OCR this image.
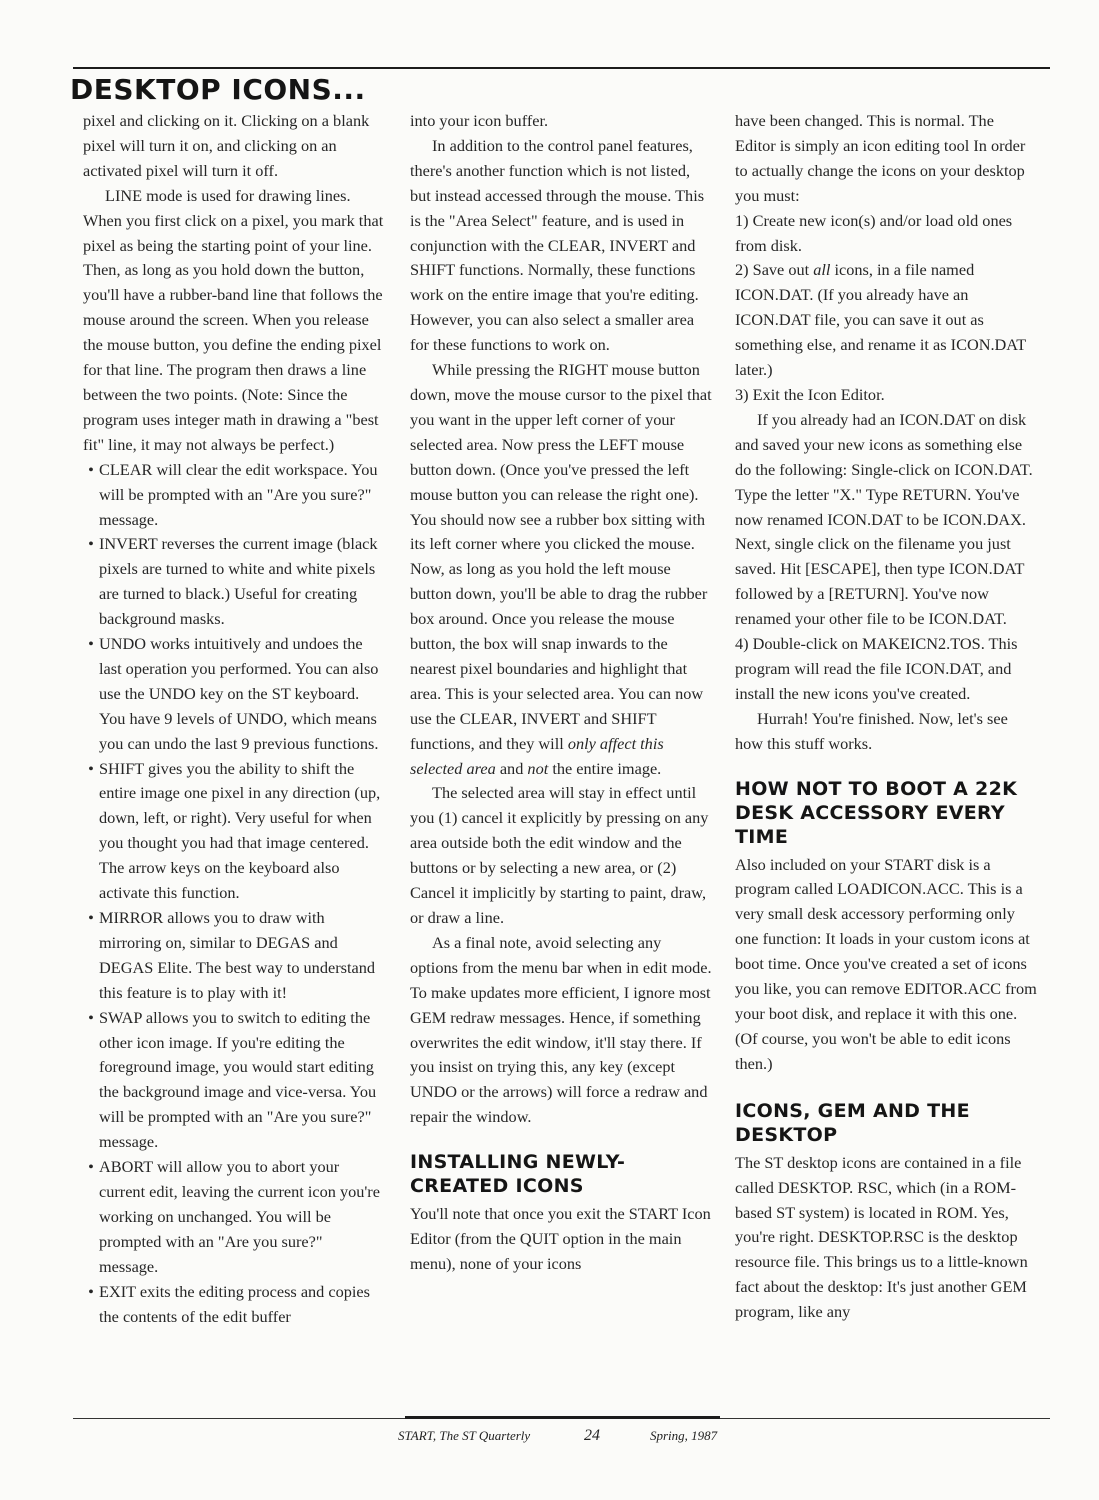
DESKTOP ICONS...

pixel and clicking on it. Clicking on a blank pixel will turn it on, and clicking on an activated pixel will turn it off.

LINE mode is used for drawing lines. When you first click on a pixel, you mark that pixel as being the starting point of your line. Then, as long as you hold down the button, you'll have a rubber-band line that follows the mouse around the screen. When you release the mouse button, you define the ending pixel for that line. The program then draws a line between the two points. (Note: Since the program uses integer math in drawing a "best fit" line, it may not always be perfect.)

• CLEAR will clear the edit workspace. You will be prompted with an "Are you sure?" message.

• INVERT reverses the current image (black pixels are turned to white and white pixels are turned to black.) Useful for creating background masks.

• UNDO works intuitively and undoes the last operation you performed. You can also use the UNDO key on the ST keyboard. You have 9 levels of UNDO, which means you can undo the last 9 previous functions.

• SHIFT gives you the ability to shift the entire image one pixel in any direction (up, down, left, or right). Very useful for when you thought you had that image centered. The arrow keys on the keyboard also activate this function.

• MIRROR allows you to draw with mirroring on, similar to DEGAS and DEGAS Elite. The best way to understand this feature is to play with it!

• SWAP allows you to switch to editing the other icon image. If you're editing the foreground image, you would start editing the background image and vice-versa. You will be prompted with an "Are you sure?" message.

• ABORT will allow you to abort your current edit, leaving the current icon you're working on unchanged. You will be prompted with an "Are you sure?" message.

• EXIT exits the editing process and copies the contents of the edit buffer

into your icon buffer.

In addition to the control panel features, there's another function which is not listed, but instead accessed through the mouse. This is the "Area Select" feature, and is used in conjunction with the CLEAR, INVERT and SHIFT functions. Normally, these functions work on the entire image that you're editing. However, you can also select a smaller area for these functions to work on.

While pressing the RIGHT mouse button down, move the mouse cursor to the pixel that you want in the upper left corner of your selected area. Now press the LEFT mouse button down. (Once you've pressed the left mouse button you can release the right one). You should now see a rubber box sitting with its left corner where you clicked the mouse. Now, as long as you hold the left mouse button down, you'll be able to drag the rubber box around. Once you release the mouse button, the box will snap inwards to the nearest pixel boundaries and highlight that area. This is your selected area. You can now use the CLEAR, INVERT and SHIFT functions, and they will only affect this selected area and not the entire image.

The selected area will stay in effect until you (1) cancel it explicitly by pressing on any area outside both the edit window and the buttons or by selecting a new area, or (2) Cancel it implicitly by starting to paint, draw, or draw a line.

As a final note, avoid selecting any options from the menu bar when in edit mode. To make updates more efficient, I ignore most GEM redraw messages. Hence, if something overwrites the edit window, it'll stay there. If you insist on trying this, any key (except UNDO or the arrows) will force a redraw and repair the window.

INSTALLING NEWLY-CREATED ICONS

You'll note that once you exit the START Icon Editor (from the QUIT option in the main menu), none of your icons

have been changed. This is normal. The Editor is simply an icon editing tool In order to actually change the icons on your desktop you must:

1) Create new icon(s) and/or load old ones from disk.

2) Save out all icons, in a file named ICON.DAT. (If you already have an ICON.DAT file, you can save it out as something else, and rename it as ICON.DAT later.)

3) Exit the Icon Editor.

If you already had an ICON.DAT on disk and saved your new icons as something else do the following: Single-click on ICON.DAT. Type the letter "X." Type RETURN. You've now renamed ICON.DAT to be ICON.DAX. Next, single click on the filename you just saved. Hit [ESCAPE], then type ICON.DAT followed by a [RETURN]. You've now renamed your other file to be ICON.DAT.

4) Double-click on MAKEICN2.TOS. This program will read the file ICON.DAT, and install the new icons you've created.

Hurrah! You're finished. Now, let's see how this stuff works.

HOW NOT TO BOOT A 22K DESK ACCESSORY EVERY TIME

Also included on your START disk is a program called LOADICON.ACC. This is a very small desk accessory performing only one function: It loads in your custom icons at boot time. Once you've created a set of icons you like, you can remove EDITOR.ACC from your boot disk, and replace it with this one. (Of course, you won't be able to edit icons then.)

ICONS, GEM AND THE DESKTOP

The ST desktop icons are contained in a file called DESKTOP. RSC, which (in a ROM-based ST system) is located in ROM. Yes, you're right. DESKTOP.RSC is the desktop resource file. This brings us to a little-known fact about the desktop: It's just another GEM program, like any

START, The ST Quarterly	24	Spring, 1987
